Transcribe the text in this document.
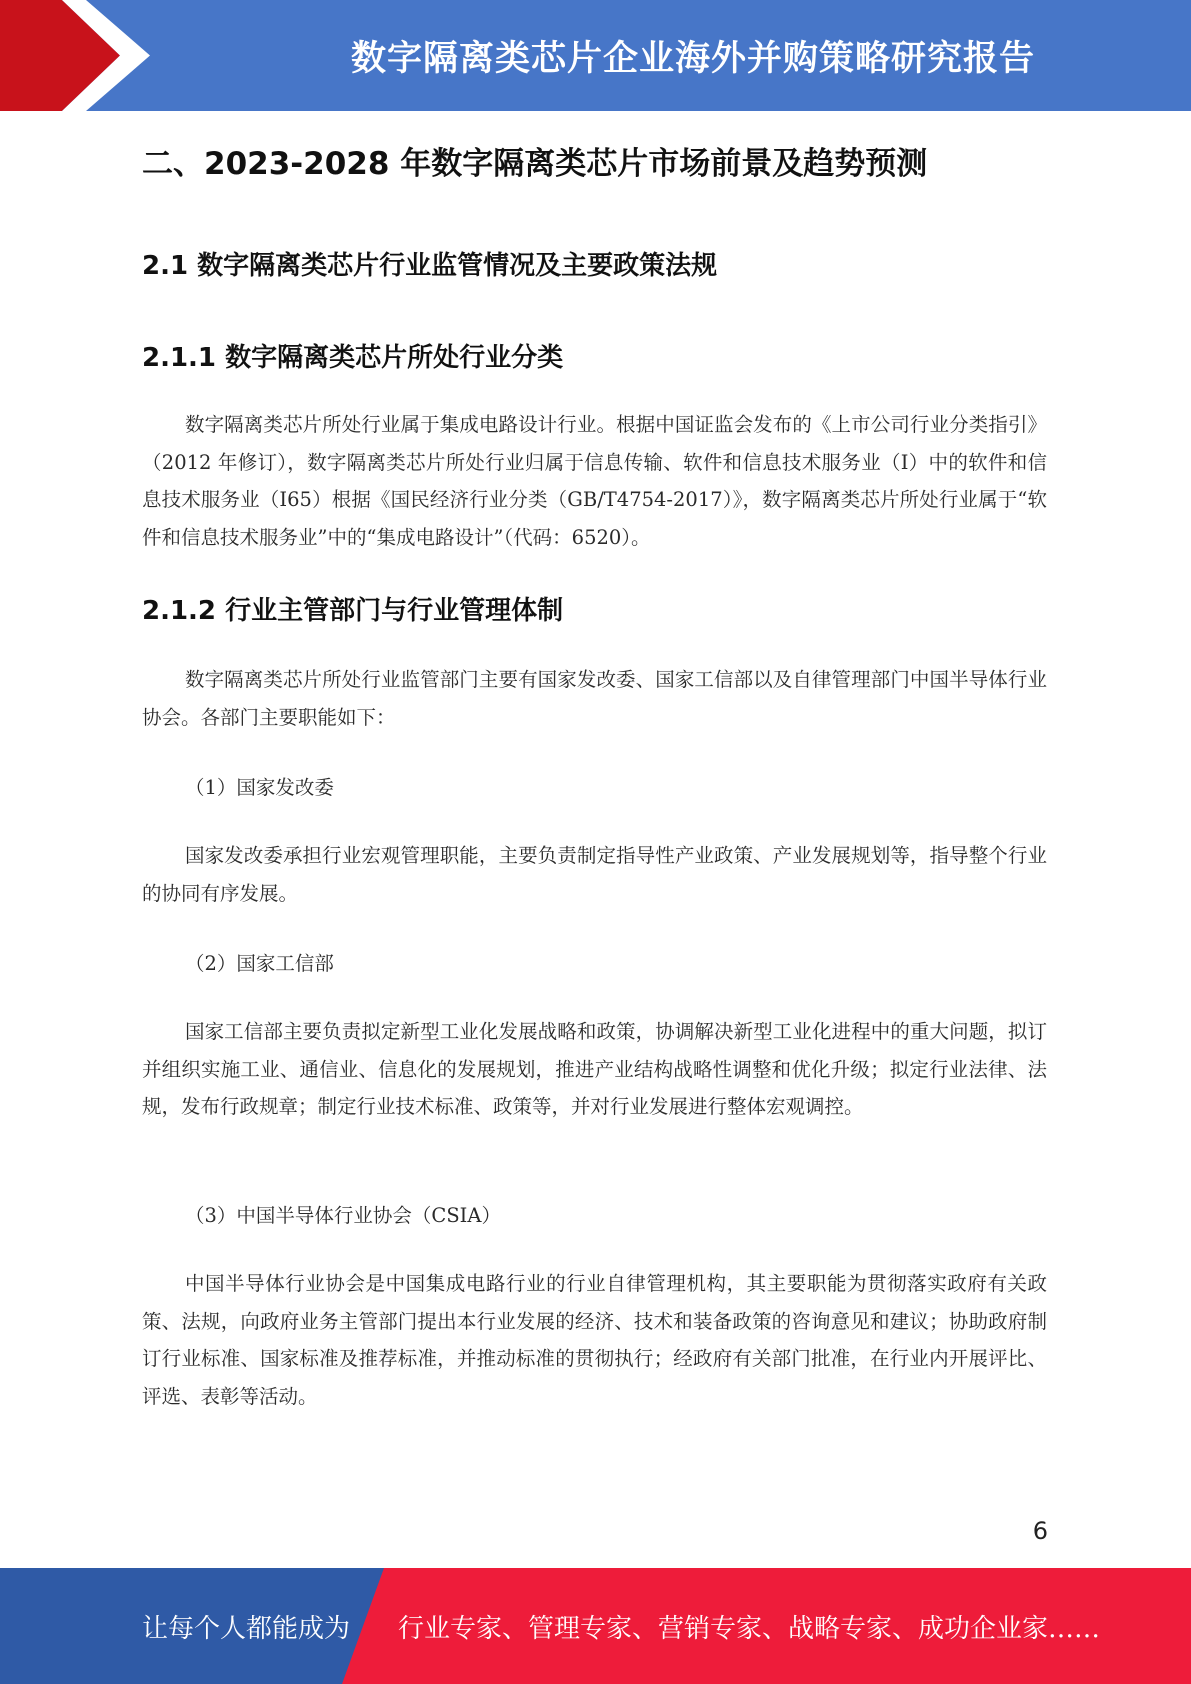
数字隔离类芯片企业海外并购策略研究报告
二、2023-2028 年数字隔离类芯片市场前景及趋势预测
2.1 数字隔离类芯片行业监管情况及主要政策法规
2.1.1 数字隔离类芯片所处行业分类

数字隔离类芯片所处行业属于集成电路设计行业。根据中国证监会发布的《上市公司行业分类指引》（2012 年修订），数字隔离类芯片所处行业归属于信息传输、软件和信息技术服务业（I）中的软件和信息技术服务业（I65）根据《国民经济行业分类（GB/T4754-2017）》，数字隔离类芯片所处行业属于“软件和信息技术服务业”中的“集成电路设计”（代码：6520）。

2.1.2 行业主管部门与行业管理体制

数字隔离类芯片所处行业监管部门主要有国家发改委、国家工信部以及自律管理部门中国半导体行业协会。各部门主要职能如下：

（1）国家发改委

国家发改委承担行业宏观管理职能，主要负责制定指导性产业政策、产业发展规划等，指导整个行业的协同有序发展。

（2）国家工信部

国家工信部主要负责拟定新型工业化发展战略和政策，协调解决新型工业化进程中的重大问题，拟订并组织实施工业、通信业、信息化的发展规划，推进产业结构战略性调整和优化升级；拟定行业法律、法规，发布行政规章；制定行业技术标准、政策等，并对行业发展进行整体宏观调控。

（3）中国半导体行业协会（CSIA）

中国半导体行业协会是中国集成电路行业的行业自律管理机构，其主要职能为贯彻落实政府有关政策、法规，向政府业务主管部门提出本行业发展的经济、技术和装备政策的咨询意见和建议；协助政府制订行业标准、国家标准及推荐标准，并推动标准的贯彻执行；经政府有关部门批准，在行业内开展评比、评选、表彰等活动。

6
让每个人都能成为 行业专家、管理专家、营销专家、战略专家、成功企业家……
